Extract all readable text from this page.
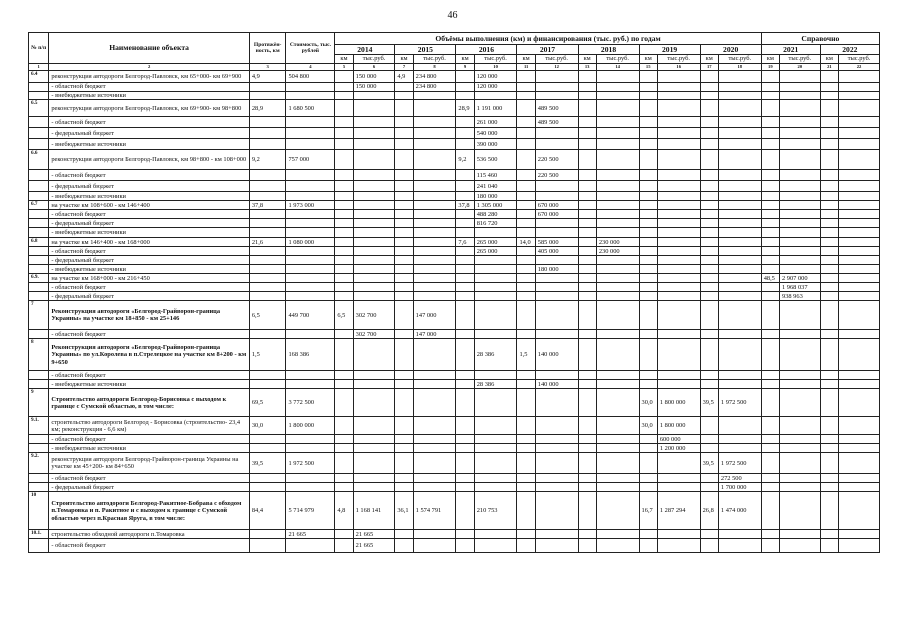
46
№ п/п	Наименование объекта	Протяжён-ность, км	Стоимость, тыс. рублей	Объёмы выполнения (км) и финансирования (тыс. руб.) по годам														Справочно			
				2014		2015		2016		2017		2018		2019		2020		2021		2022	
				км	тыс.руб.	км	тыс.руб.	км	тыс.руб.	км	тыс.руб.	км	тыс.руб.	км	тыс.руб.	км	тыс.руб.	км	тыс.руб.	км	тыс.руб.
1	2	3	4	5	6	7	8	9	10	11	12	13	14	15	16	17	18	19	20	21	22
6.4	реконструкция автодороги Белгород-Павловск, км 65+000- км 69+900	4,9	504 800		150 000	4,9	234 800		120 000												
	- областной бюджет				150 000		234 800		120 000												
	- внебюджетные источники																				
6.5	реконструкция автодороги Белгород-Павловск, км 69+900- км 98+800	28,9	1 680 500					28,9	1 191 000		489 500										
	- областной бюджет								261 000		489 500										
	- федеральный бюджет								540 000												
	- внебюджетные источники								390 000												
6.6	реконструкция автодороги Белгород-Павловск, км 98+800 - км 108+000	9,2	757 000					9,2	536 500		220 500										
	- областной бюджет								115 460		220 500										
	- федеральный бюджет								241 040												
	- внебюджетные источники								180 000												
6.7	на участке км 108+600 - км 146+400	37,8	1 973 000					37,8	1 305 000		670 000										
	- областной бюджет								488 280		670 000										
	- федеральный бюджет								816 720												
	- внебюджетные источники																				
6.8	на участке км 146+400 - км 168+000	21,6	1 080 000					7,6	265 000	14,0	585 000		230 000								
	- областной бюджет								265 000		405 000		230 000								
	- федеральный бюджет																				
	- внебюджетные источники										180 000										
6.9.	на участке км 168+000 - км 216+450																	48,5	2 907 000		
	- областной бюджет																		1 968 037		
	- федеральный бюджет																		938 963		
7	Реконструкция автодороги «Белгород-Грайворон-граница Украины» на участке км 18+850 - км 25+146	6,5	449 700	6,5	302 700		147 000														
	- областной бюджет				302 700		147 000														
8	Реконструкция автодороги «Белгород-Грайворон-граница Украины» по ул.Королева в п.Стрелецкое на участке км 8+200 - км 9+650	1,5	168 386						28 386	1,5	140 000										
	- областной бюджет																				
	- внебюджетные источники								28 386		140 000										
9	Строительство автодороги Белгород-Борисовка с выходом к границе с Сумской областью, в том числе:	69,5	3 772 500											30,0	1 800 000	39,5	1 972 500				
9.1.	строительство автодороги Белгород - Борисовка (строительство- 23,4 км; реконструкция - 6,6 км)	30,0	1 800 000											30,0	1 800 000						
	- областной бюджет														600 000						
	- внебюджетные источники														1 200 000						
9.2.	реконструкция автодороги Белгород-Грайворон-граница Украины на участке км 45+200- км 84+650	39,5	1 972 500													39,5	1 972 500				
	- областной бюджет																272 500				
	- федеральный бюджет																1 700 000				
10	Строительство автодороги Белгород-Ракитное-Бобрава с обходом п.Томаровка и п. Ракитное и с выходом к границе с Сумской областью через п.Красная Яруга, в том числе:	84,4	5 714 979	4,8	1 168 141	36,1	1 574 791		210 753					16,7	1 287 294	26,8	1 474 000				
10.1.	строительство обходной автодороги п.Томаровка		21 665		21 665																
	- областной бюджет				21 665																
